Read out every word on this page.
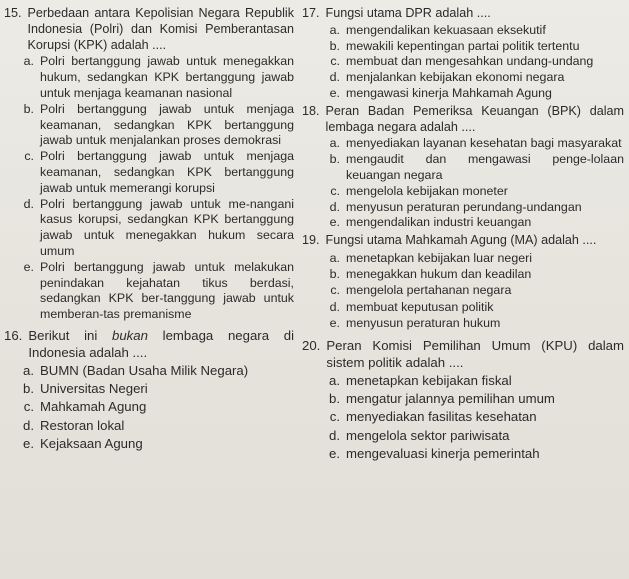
15. Perbedaan antara Kepolisian Negara Republik Indonesia (Polri) dan Komisi Pemberantasan Korupsi (KPK) adalah ....
a. Polri bertanggung jawab untuk menegakkan hukum, sedangkan KPK bertanggung jawab untuk menjaga keamanan nasional
b. Polri bertanggung jawab untuk menjaga keamanan, sedangkan KPK bertanggung jawab untuk menjalankan proses demokrasi
c. Polri bertanggung jawab untuk menjaga keamanan, sedangkan KPK bertanggung jawab untuk memerangi korupsi
d. Polri bertanggung jawab untuk me-nangani kasus korupsi, sedangkan KPK bertanggung jawab untuk menegakkan hukum secara umum
e. Polri bertanggung jawab untuk melakukan penindakan kejahatan tikus berdasi, sedangkan KPK ber-tanggung jawab untuk memberan-tas premanisme
16. Berikut ini bukan lembaga negara di Indonesia adalah ....
a. BUMN (Badan Usaha Milik Negara)
b. Universitas Negeri
c. Mahkamah Agung
d. Restoran lokal
e. Kejaksaan Agung
17. Fungsi utama DPR adalah ....
a. mengendalikan kekuasaan eksekutif
b. mewakili kepentingan partai politik tertentu
c. membuat dan mengesahkan undang-undang
d. menjalankan kebijakan ekonomi negara
e. mengawasi kinerja Mahkamah Agung
18. Peran Badan Pemeriksa Keuangan (BPK) dalam lembaga negara adalah ....
a. menyediakan layanan kesehatan bagi masyarakat
b. mengaudit dan mengawasi penge-lolaan keuangan negara
c. mengelola kebijakan moneter
d. menyusun peraturan perundang-undangan
e. mengendalikan industri keuangan
19. Fungsi utama Mahkamah Agung (MA) adalah ....
a. menetapkan kebijakan luar negeri
b. menegakkan hukum dan keadilan
c. mengelola pertahanan negara
d. membuat keputusan politik
e. menyusun peraturan hukum
20. Peran Komisi Pemilihan Umum (KPU) dalam sistem politik adalah ....
a. menetapkan kebijakan fiskal
b. mengatur jalannya pemilihan umum
c. menyediakan fasilitas kesehatan
d. mengelola sektor pariwisata
e. mengevaluasi kinerja pemerintah
